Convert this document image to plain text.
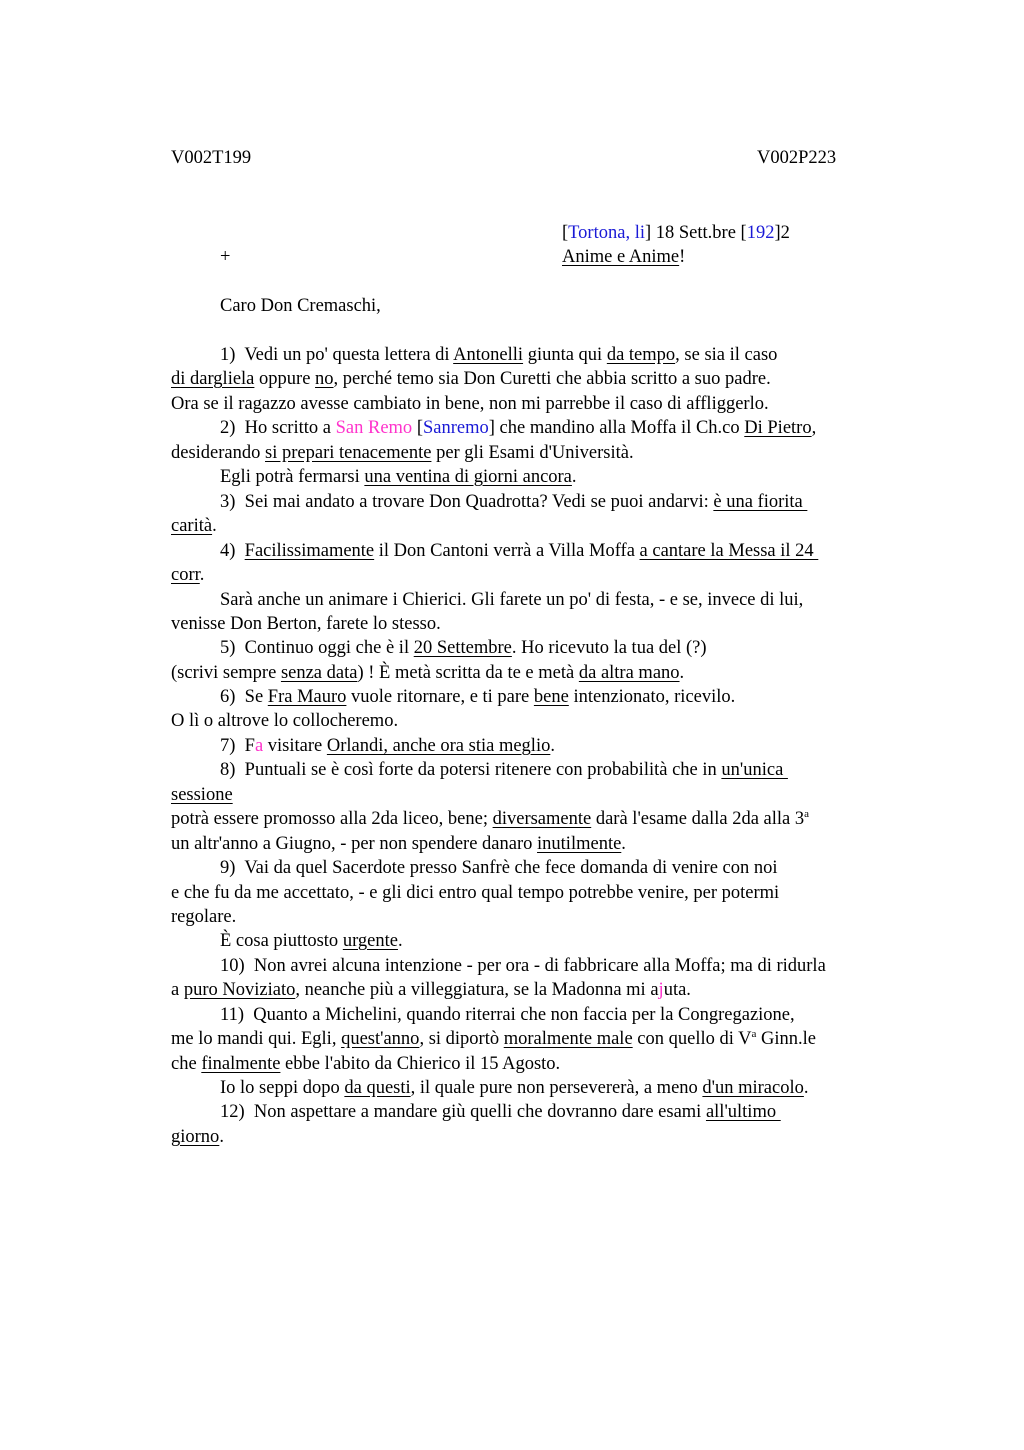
V002T199	V002P223
[Tortona, li] 18 Sett.bre [192]2
+	Anime e Anime!
Caro Don Cremaschi,
1)  Vedi un po' questa lettera di Antonelli giunta qui da tempo, se sia il caso
di dargliela oppure no, perché temo sia Don Curetti che abbia scritto a suo padre.
Ora se il ragazzo avesse cambiato in bene, non mi parrebbe il caso di affliggerlo.
2)  Ho scritto a San Remo [Sanremo] che mandino alla Moffa il Ch.co Di Pietro,
desiderando si prepari tenacemente per gli Esami d'Università.
Egli potrà fermarsi una ventina di giorni ancora.
3)  Sei mai andato a trovare Don Quadrotta? Vedi se puoi andarvi: è una fiorita
carità.
4)  Facilissimamente il Don Cantoni verrà a Villa Moffa a cantare la Messa il 24
corr.
Sarà anche un animare i Chierici. Gli farete un po' di festa, - e se, invece di lui,
venisse Don Berton, farete lo stesso.
5)  Continuo oggi che è il 20 Settembre. Ho ricevuto la tua del (?)
(scrivi sempre senza data) ! È metà scritta da te e metà da altra mano.
6)  Se Fra Mauro vuole ritornare, e ti pare bene intenzionato, ricevilo.
O lì o altrove lo collocheremo.
7)  Fa visitare Orlandi, anche ora stia meglio.
8)  Puntuali se è così forte da potersi ritenere con probabilità che in un'unica
sessione
potrà essere promosso alla 2da liceo, bene; diversamente darà l'esame dalla 2da alla 3$^a$
un altr'anno a Giugno, - per non spendere danaro inutilmente.
9)  Vai da quel Sacerdote presso Sanfrè che fece domanda di venire con noi
e che fu da me accettato, - e gli dici entro qual tempo potrebbe venire, per potermi
regolare.
È cosa piuttosto urgente.
10)  Non avrei alcuna intenzione - per ora - di fabbricare alla Moffa; ma di ridurla
a puro Noviziato, neanche più a villeggiatura, se la Madonna mi ajuta.
11)  Quanto a Michelini, quando riterrai che non faccia per la Congregazione,
me lo mandi qui. Egli, quest'anno, si diportò moralmente male con quello di $V^a$ Ginn.le
che finalmente ebbe l'abito da Chierico il 15 Agosto.
Io lo seppi dopo da questi, il quale pure non persevererà, a meno d'un miracolo.
12)  Non aspettare a mandare giù quelli che dovranno dare esami all'ultimo
giorno.
